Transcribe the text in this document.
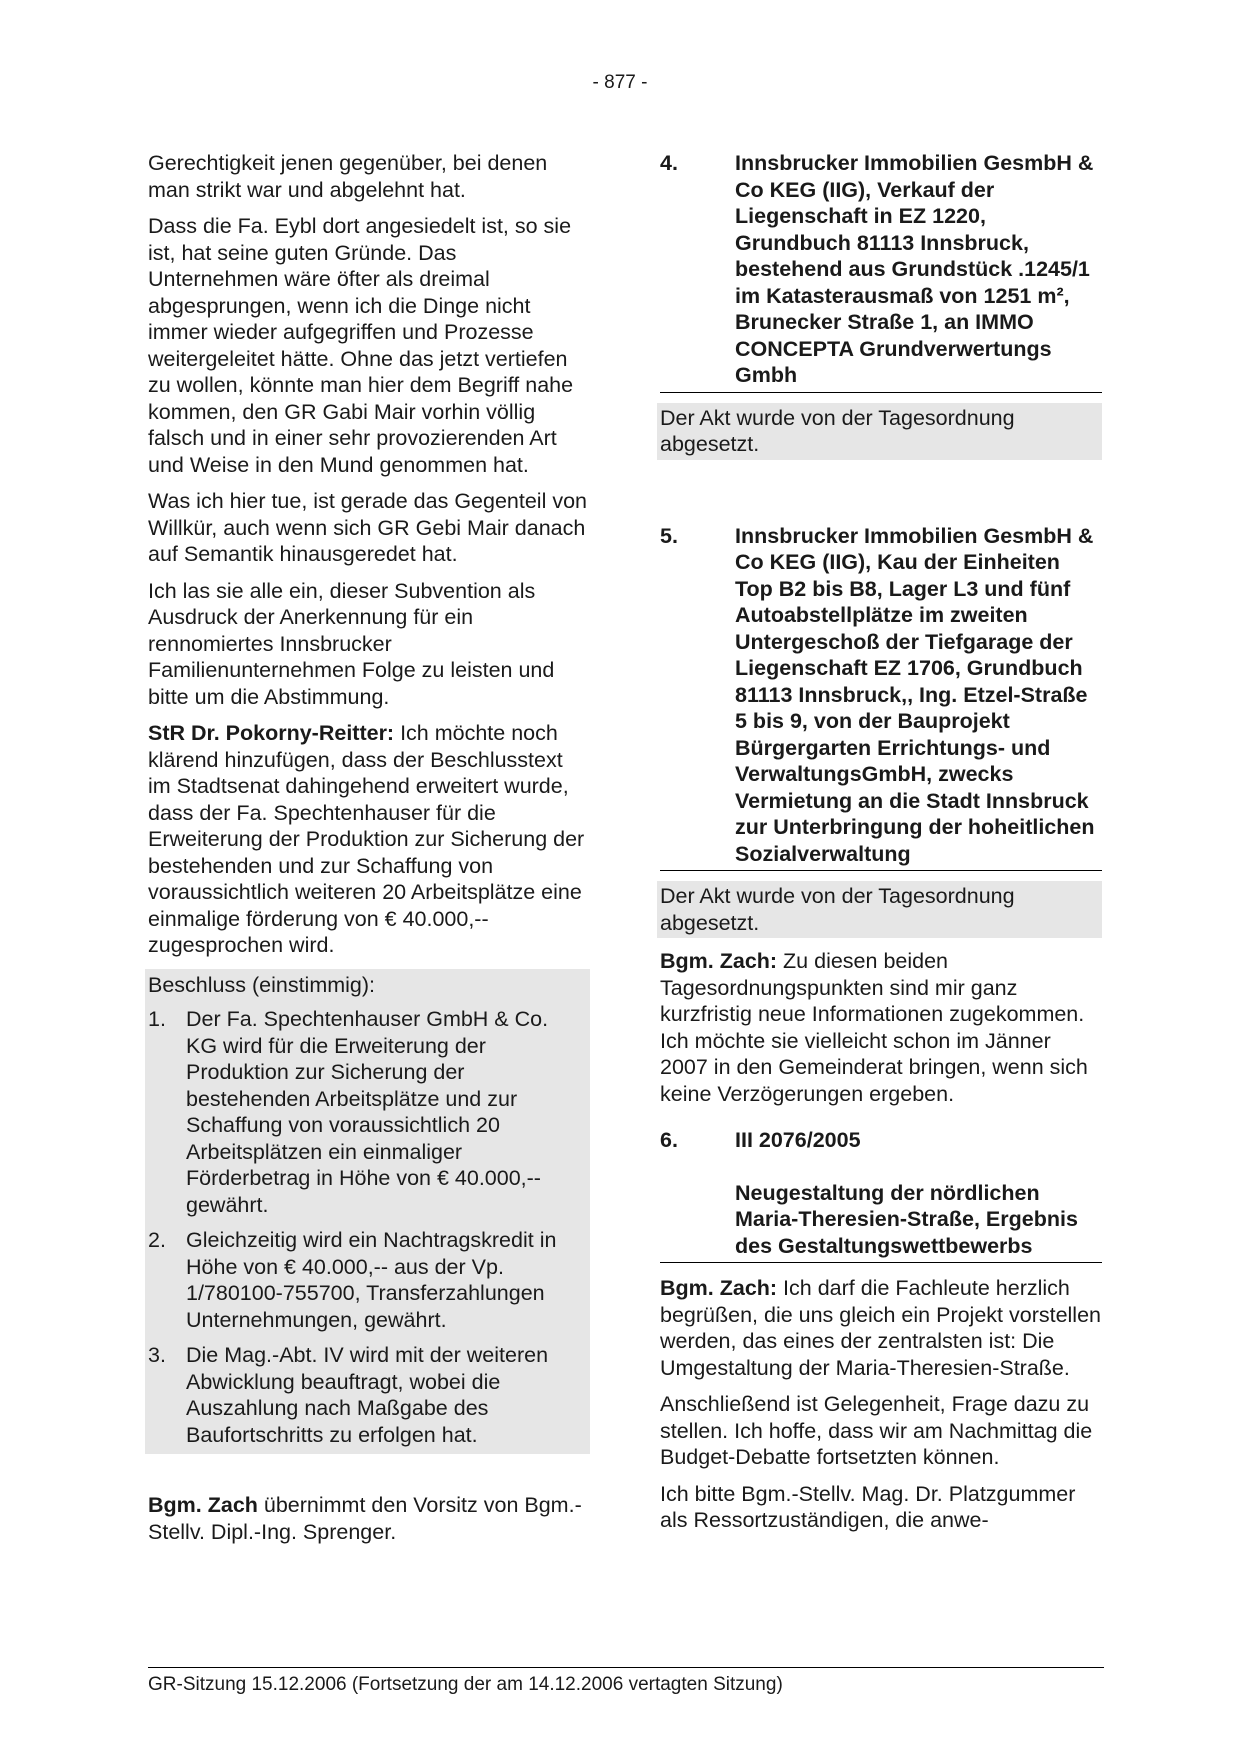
- 877 -

Gerechtigkeit jenen gegenüber, bei denen man strikt war und abgelehnt hat.

Dass die Fa. Eybl dort angesiedelt ist, so sie ist, hat seine guten Gründe. Das Unternehmen wäre öfter als dreimal abgesprungen, wenn ich die Dinge nicht immer wieder aufgegriffen und Prozesse weitergeleitet hätte. Ohne das jetzt vertiefen zu wollen, könnte man hier dem Begriff nahe kommen, den GR Gabi Mair vorhin völlig falsch und in einer sehr provozierenden Art und Weise in den Mund genommen hat.

Was ich hier tue, ist gerade das Gegenteil von Willkür, auch wenn sich GR Gebi Mair danach auf Semantik hinausgeredet hat.

Ich las sie alle ein, dieser Subvention als Ausdruck der Anerkennung für ein rennomiertes Innsbrucker Familienunternehmen Folge zu leisten und bitte um die Abstimmung.

StR Dr. Pokorny-Reitter: Ich möchte noch klärend hinzufügen, dass der Beschlusstext im Stadtsenat dahingehend erweitert wurde, dass der Fa. Spechtenhauser für die Erweiterung der Produktion zur Sicherung der bestehenden und zur Schaffung von voraussichtlich weiteren 20 Arbeitsplätze eine einmalige förderung von € 40.000,-- zugesprochen wird.

Beschluss (einstimmig):

1. Der Fa. Spechtenhauser GmbH & Co. KG wird für die Erweiterung der Produktion zur Sicherung der bestehenden Arbeitsplätze und zur Schaffung von voraussichtlich 20 Arbeitsplätzen ein einmaliger Förderbetrag in Höhe von € 40.000,-- gewährt.
2. Gleichzeitig wird ein Nachtragskredit in Höhe von € 40.000,-- aus der Vp. 1/780100-755700, Transferzahlungen Unternehmungen, gewährt.
3. Die Mag.-Abt. IV wird mit der weiteren Abwicklung beauftragt, wobei die Auszahlung nach Maßgabe des Baufortschritts zu erfolgen hat.

Bgm. Zach übernimmt den Vorsitz von Bgm.-Stellv. Dipl.-Ing. Sprenger.

4.	Innsbrucker Immobilien GesmbH & Co KEG (IIG), Verkauf der Liegenschaft in EZ 1220, Grundbuch 81113 Innsbruck, bestehend aus Grundstück .1245/1 im Katasterausmaß von 1251 m², Brunecker Straße 1, an IMMO CONCEPTA Grundverwertungs Gmbh
Der Akt wurde von der Tagesordnung abgesetzt.
5.	Innsbrucker Immobilien GesmbH & Co KEG (IIG), Kau der Einheiten Top B2 bis B8, Lager L3 und fünf Autoabstellplätze im zweiten Untergeschoß der Tiefgarage der Liegenschaft EZ 1706, Grundbuch 81113 Innsbruck,, Ing. Etzel-Straße 5 bis 9, von der Bauprojekt Bürgergarten Errichtungs- und VerwaltungsGmbH, zwecks Vermietung an die Stadt Innsbruck zur Unterbringung der hoheitlichen Sozialverwaltung
Der Akt wurde von der Tagesordnung abgesetzt.

Bgm. Zach: Zu diesen beiden Tagesordnungspunkten sind mir ganz kurzfristig neue Informationen zugekommen. Ich möchte sie vielleicht schon im Jänner 2007 in den Gemeinderat bringen, wenn sich keine Verzögerungen ergeben.

6.	III 2076/2005
Neugestaltung der nördlichen Maria-Theresien-Straße, Ergebnis des Gestaltungswettbewerbs

Bgm. Zach: Ich darf die Fachleute herzlich begrüßen, die uns gleich ein Projekt vorstellen werden, das eines der zentralsten ist: Die Umgestaltung der Maria-Theresien-Straße.

Anschließend ist Gelegenheit, Frage dazu zu stellen. Ich hoffe, dass wir am Nachmittag die Budget-Debatte fortsetzten können.

Ich bitte Bgm.-Stellv. Mag. Dr. Platzgummer als Ressortzuständigen, die anwe-

GR-Sitzung 15.12.2006 (Fortsetzung der am 14.12.2006 vertagten Sitzung)
